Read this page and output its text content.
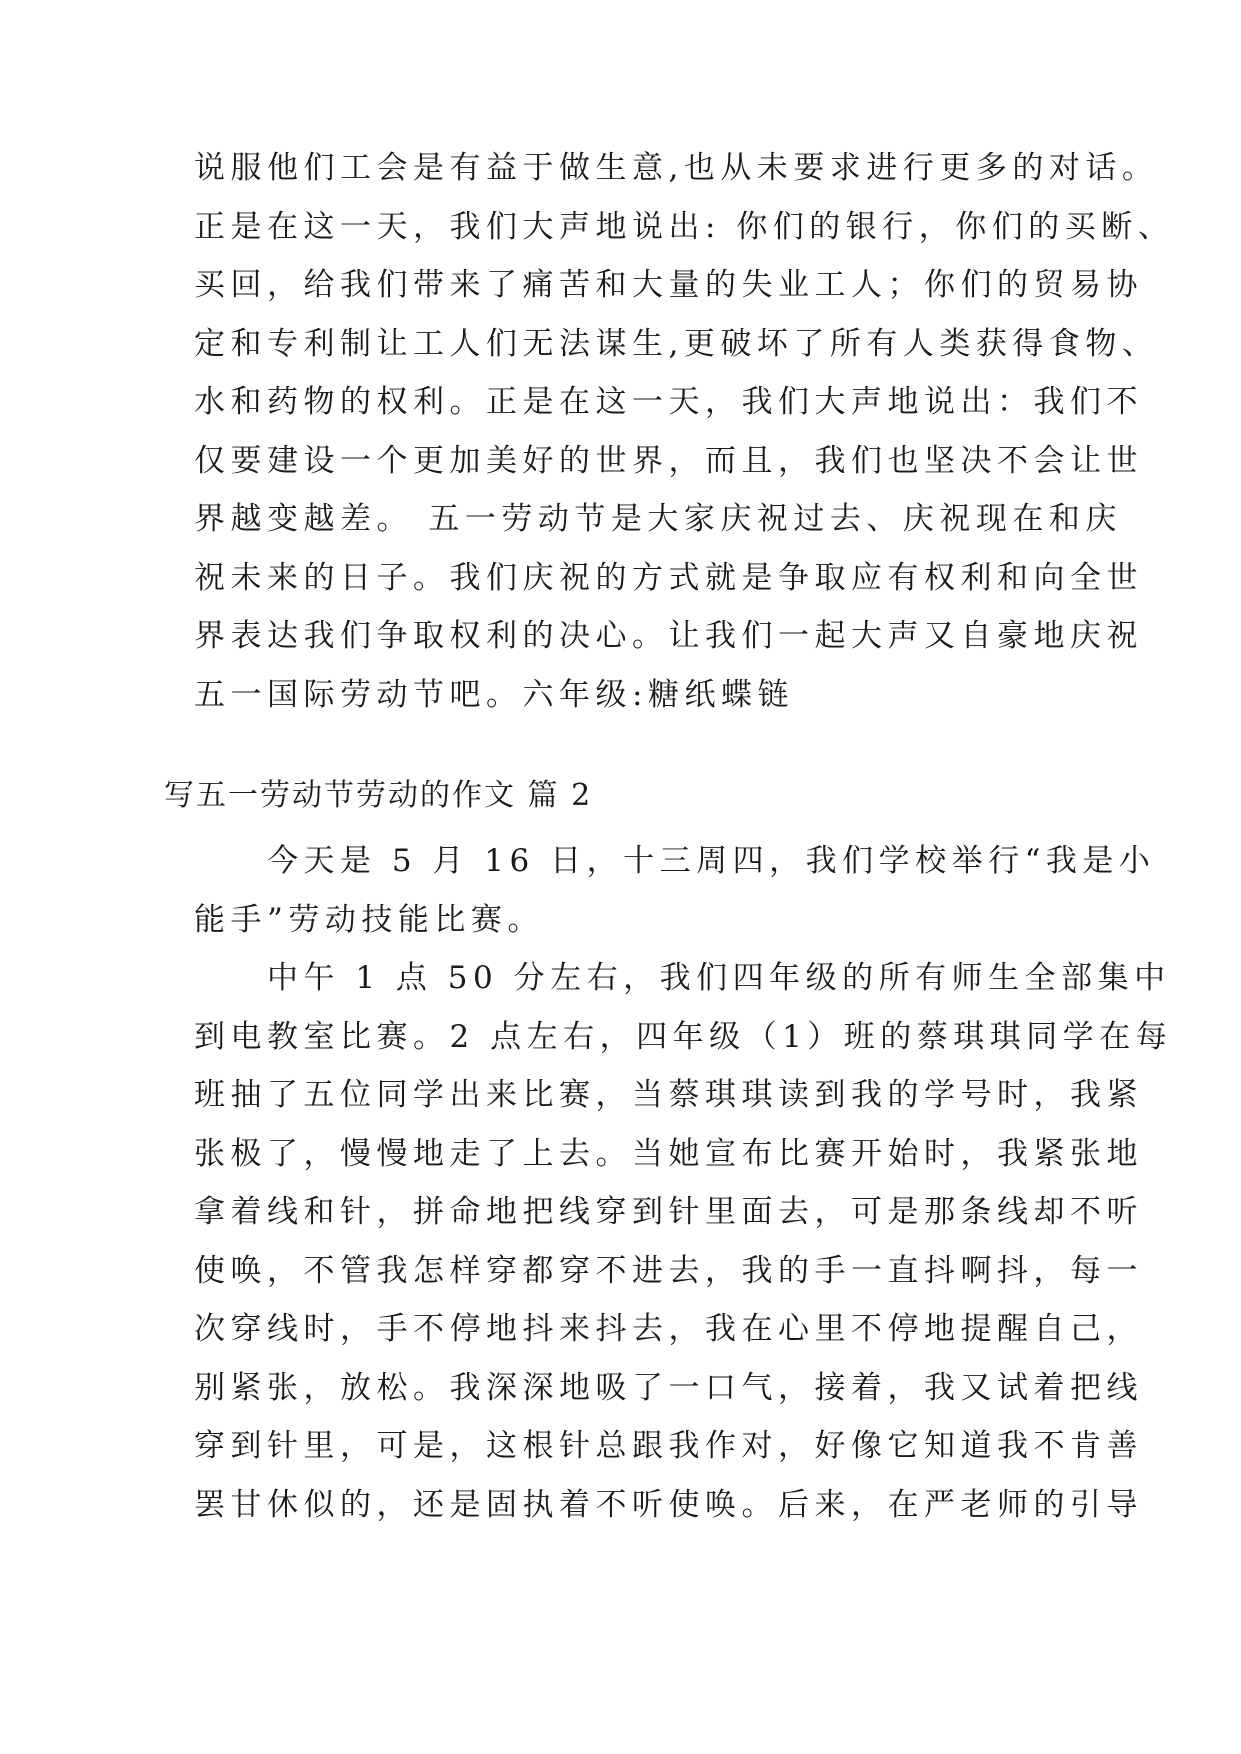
说服他们工会是有益于做生意,也从未要求进行更多的对话。
正是在这一天，我们大声地说出: 你们的银行，你们的买断、
买回，给我们带来了痛苦和大量的失业工人；你们的贸易协
定和专利制让工人们无法谋生,更破坏了所有人类获得食物、
水和药物的权利。正是在这一天，我们大声地说出：我们不
仅要建设一个更加美好的世界，而且，我们也坚决不会让世
界越变越差。 五一劳动节是大家庆祝过去、庆祝现在和庆
祝未来的日子。我们庆祝的方式就是争取应有权利和向全世
界表达我们争取权利的决心。让我们一起大声又自豪地庆祝
五一国际劳动节吧。六年级:糖纸蝶链
写五一劳动节劳动的作文 篇 2
　　今天是 5 月 16 日，十三周四，我们学校举行“我是小
能手”劳动技能比赛。
　　中午 1 点 50 分左右，我们四年级的所有师生全部集中
到电教室比赛。2 点左右，四年级（1）班的蔡琪琪同学在每
班抽了五位同学出来比赛，当蔡琪琪读到我的学号时，我紧
张极了，慢慢地走了上去。当她宣布比赛开始时，我紧张地
拿着线和针，拼命地把线穿到针里面去，可是那条线却不听
使唤，不管我怎样穿都穿不进去，我的手一直抖啊抖，每一
次穿线时，手不停地抖来抖去，我在心里不停地提醒自己，
别紧张，放松。我深深地吸了一口气，接着，我又试着把线
穿到针里，可是，这根针总跟我作对，好像它知道我不肯善
罢甘休似的，还是固执着不听使唤。后来，在严老师的引导
